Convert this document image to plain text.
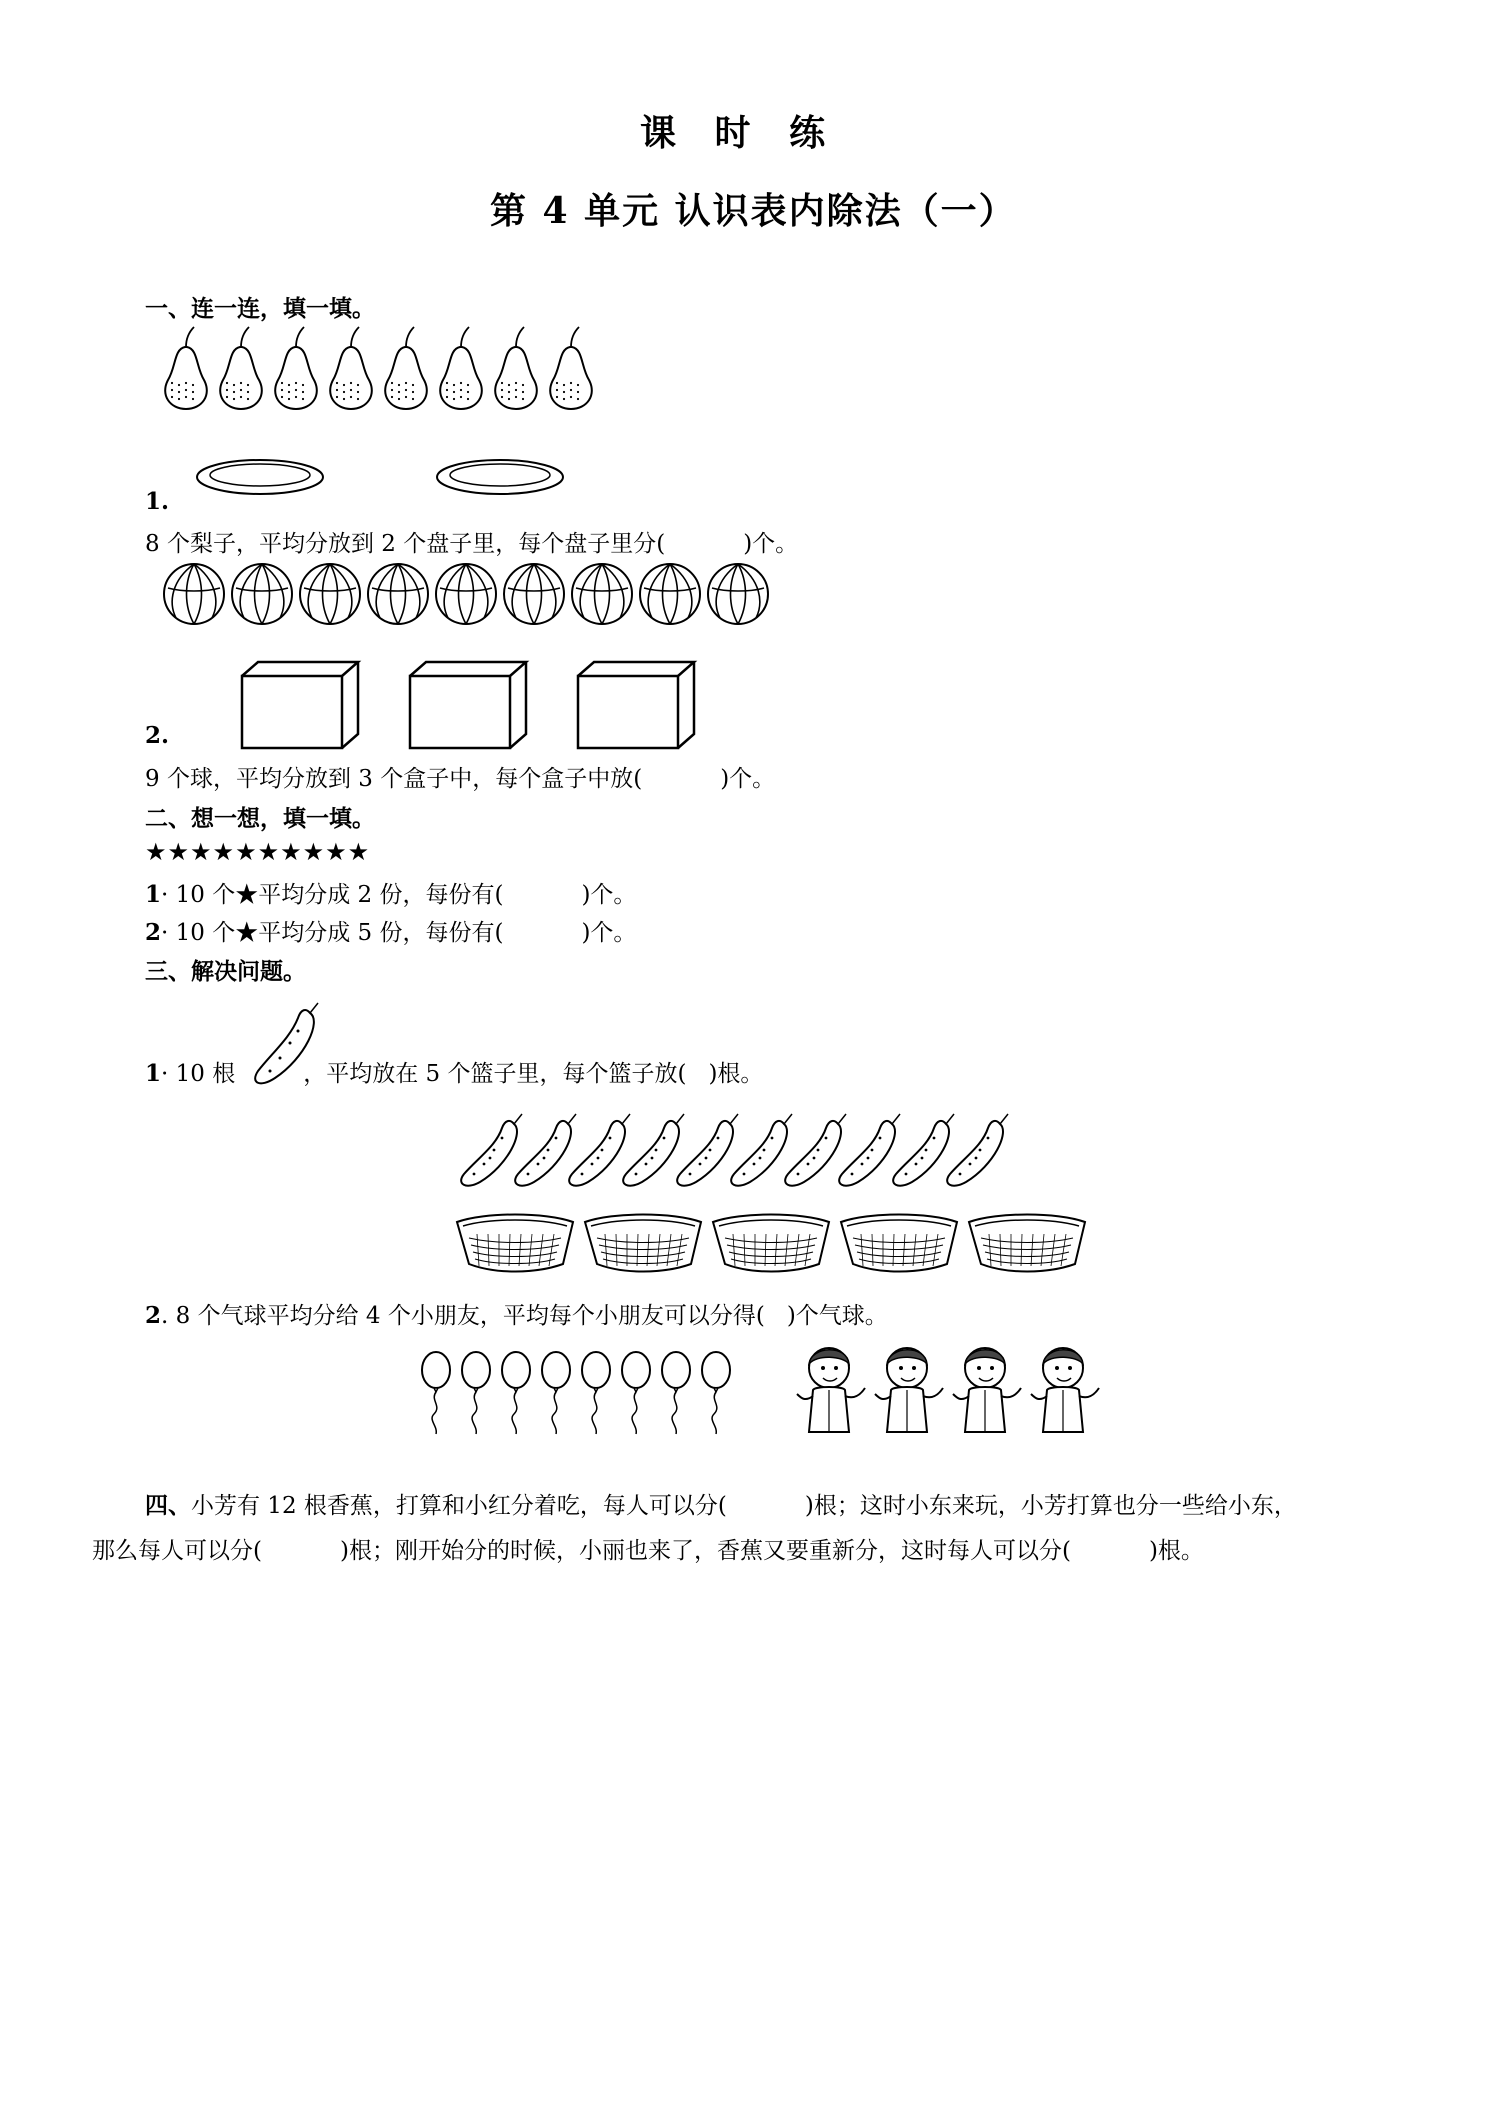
课 时 练
第 4 单元 认识表内除法（一）
一、连一连，填一填。
1.
8 个梨子，平均分放到 2 个盘子里，每个盘子里分(	)个。
2.
9 个球，平均分放到 3 个盒子中，每个盒子中放(	)个。
二、想一想，填一填。
★★★★★★★★★★
1· 10 个★平均分成 2 份，每份有(	)个。
2· 10 个★平均分成 5 份，每份有(	)个。
三、解决问题。
1· 10 根	，平均放在 5 个篮子里，每个篮子放( )根。
2. 8 个气球平均分给 4 个小朋友，平均每个小朋友可以分得( )个气球。
四、小芳有 12 根香蕉，打算和小红分着吃，每人可以分(	)根；这时小东来玩，小芳打算也分一些给小东，
那么每人可以分(	)根；刚开始分的时候，小丽也来了，香蕉又要重新分，这时每人可以分(	)根。
